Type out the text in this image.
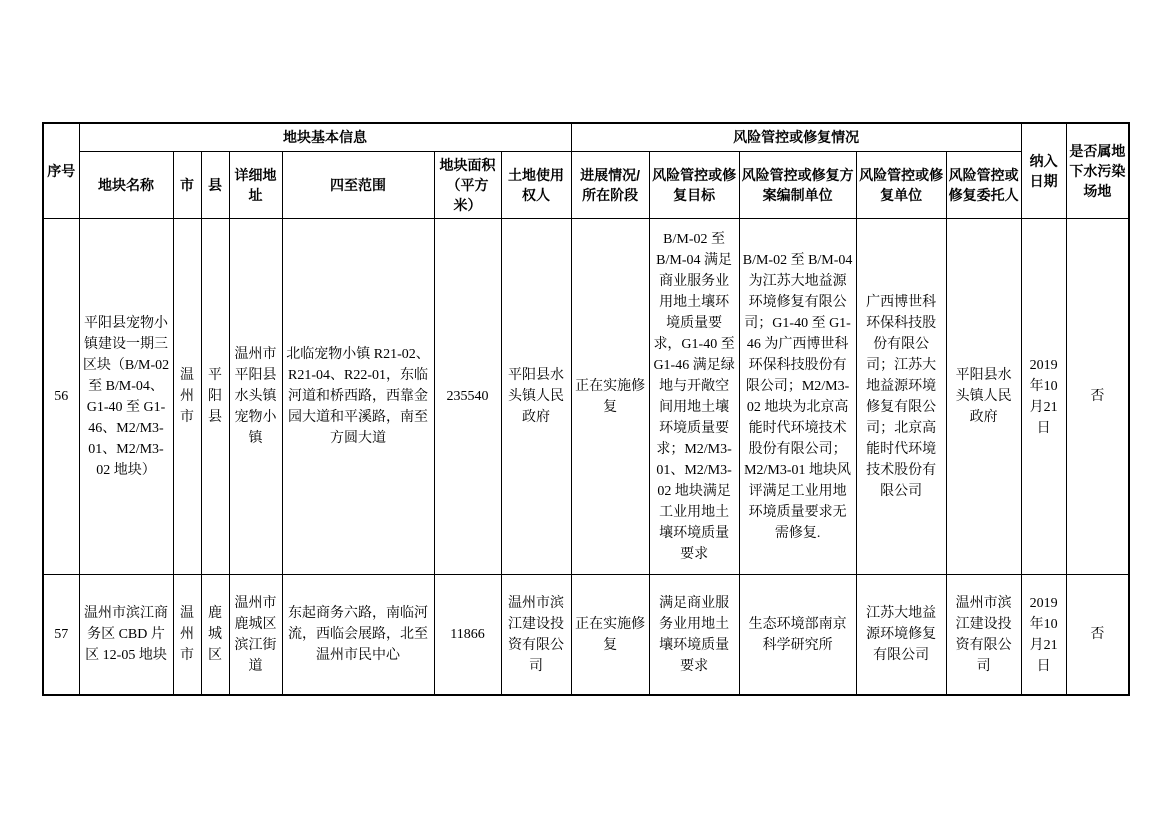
序号	地块基本信息							风险管控或修复情况					纳入日期	是否属地下水污染场地
	地块名称	市	县	详细地址	四至范围	地块面积（平方米）	土地使用权人	进展情况/所在阶段	风险管控或修复目标	风险管控或修复方案编制单位	风险管控或修复单位	风险管控或修复委托人		
56	平阳县宠物小镇建设一期三区块（B/M-02 至 B/M-04、G1-40 至 G1-46、M2/M3-01、M2/M3-02 地块）	温州市	平阳县	温州市平阳县水头镇宠物小镇	北临宠物小镇 R21-02、R21-04、R22-01，东临河道和桥西路，西靠金园大道和平溪路，南至方圆大道	235540	平阳县水头镇人民政府	正在实施修复	B/M-02 至 B/M-04 满足商业服务业用地土壤环境质量要求，G1-40 至 G1-46 满足绿地与开敞空间用地土壤环境质量要求；M2/M3-01、M2/M3-02 地块满足工业用地土壤环境质量要求	B/M-02 至 B/M-04 为江苏大地益源环境修复有限公司；G1-40 至 G1-46 为广西博世科环保科技股份有限公司；M2/M3-02 地块为北京高能时代环境技术股份有限公司；M2/M3-01 地块风评满足工业用地环境质量要求无需修复.	广西博世科环保科技股份有限公司；江苏大地益源环境修复有限公司；北京高能时代环境技术股份有限公司	平阳县水头镇人民政府	2019年10月21日	否
57	温州市滨江商务区 CBD 片区 12-05 地块	温州市	鹿城区	温州市鹿城区滨江街道	东起商务六路，南临河流，西临会展路，北至温州市民中心	11866	温州市滨江建设投资有限公司	正在实施修复	满足商业服务业用地土壤环境质量要求	生态环境部南京科学研究所	江苏大地益源环境修复有限公司	温州市滨江建设投资有限公司	2019年10月21日	否
